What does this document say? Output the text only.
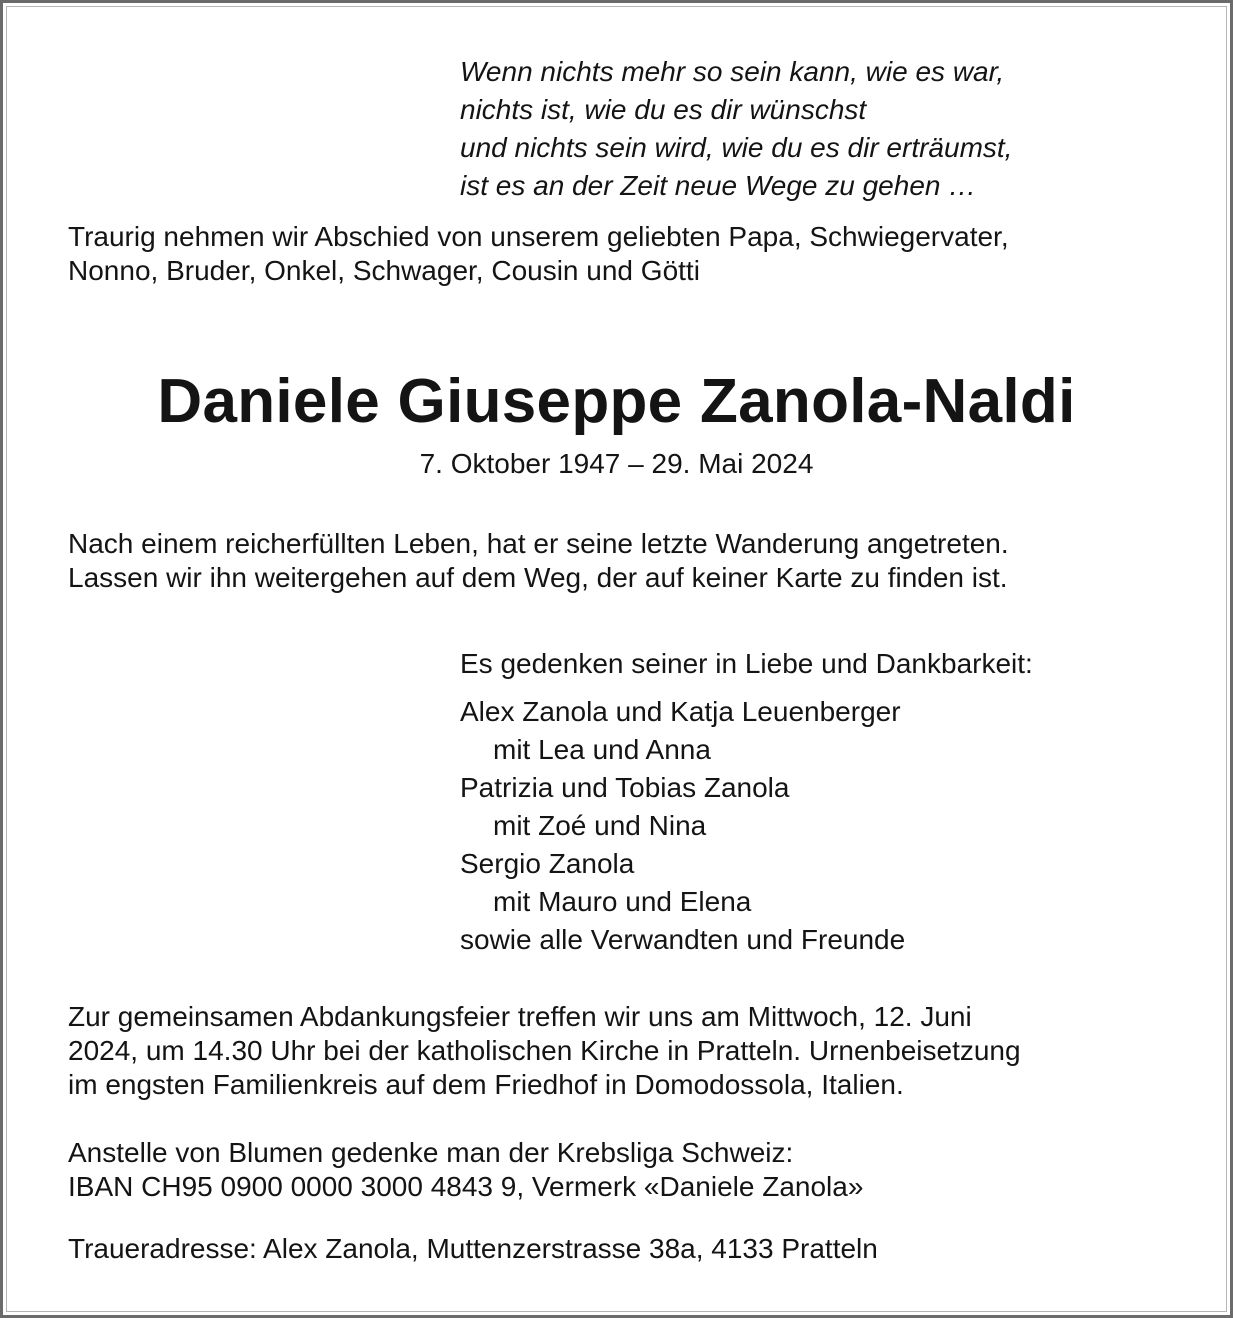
Wenn nichts mehr so sein kann, wie es war,
nichts ist, wie du es dir wünschst
und nichts sein wird, wie du es dir erträumst,
ist es an der Zeit neue Wege zu gehen …
Traurig nehmen wir Abschied von unserem geliebten Papa, Schwiegervater,
Nonno, Bruder, Onkel, Schwager, Cousin und Götti
Daniele Giuseppe Zanola-Naldi
7. Oktober 1947 – 29. Mai 2024
Nach einem reicherfüllten Leben, hat er seine letzte Wanderung angetreten.
Lassen wir ihn weitergehen auf dem Weg, der auf keiner Karte zu finden ist.
Es gedenken seiner in Liebe und Dankbarkeit:
Alex Zanola und Katja Leuenberger
mit Lea und Anna
Patrizia und Tobias Zanola
mit Zoé und Nina
Sergio Zanola
mit Mauro und Elena
sowie alle Verwandten und Freunde
Zur gemeinsamen Abdankungsfeier treffen wir uns am Mittwoch, 12. Juni
2024, um 14.30 Uhr bei der katholischen Kirche in Pratteln. Urnenbeisetzung
im engsten Familienkreis auf dem Friedhof in Domodossola, Italien.
Anstelle von Blumen gedenke man der Krebsliga Schweiz:
IBAN CH95 0900 0000 3000 4843 9, Vermerk «Daniele Zanola»
Traueradresse: Alex Zanola, Muttenzerstrasse 38a, 4133 Pratteln
